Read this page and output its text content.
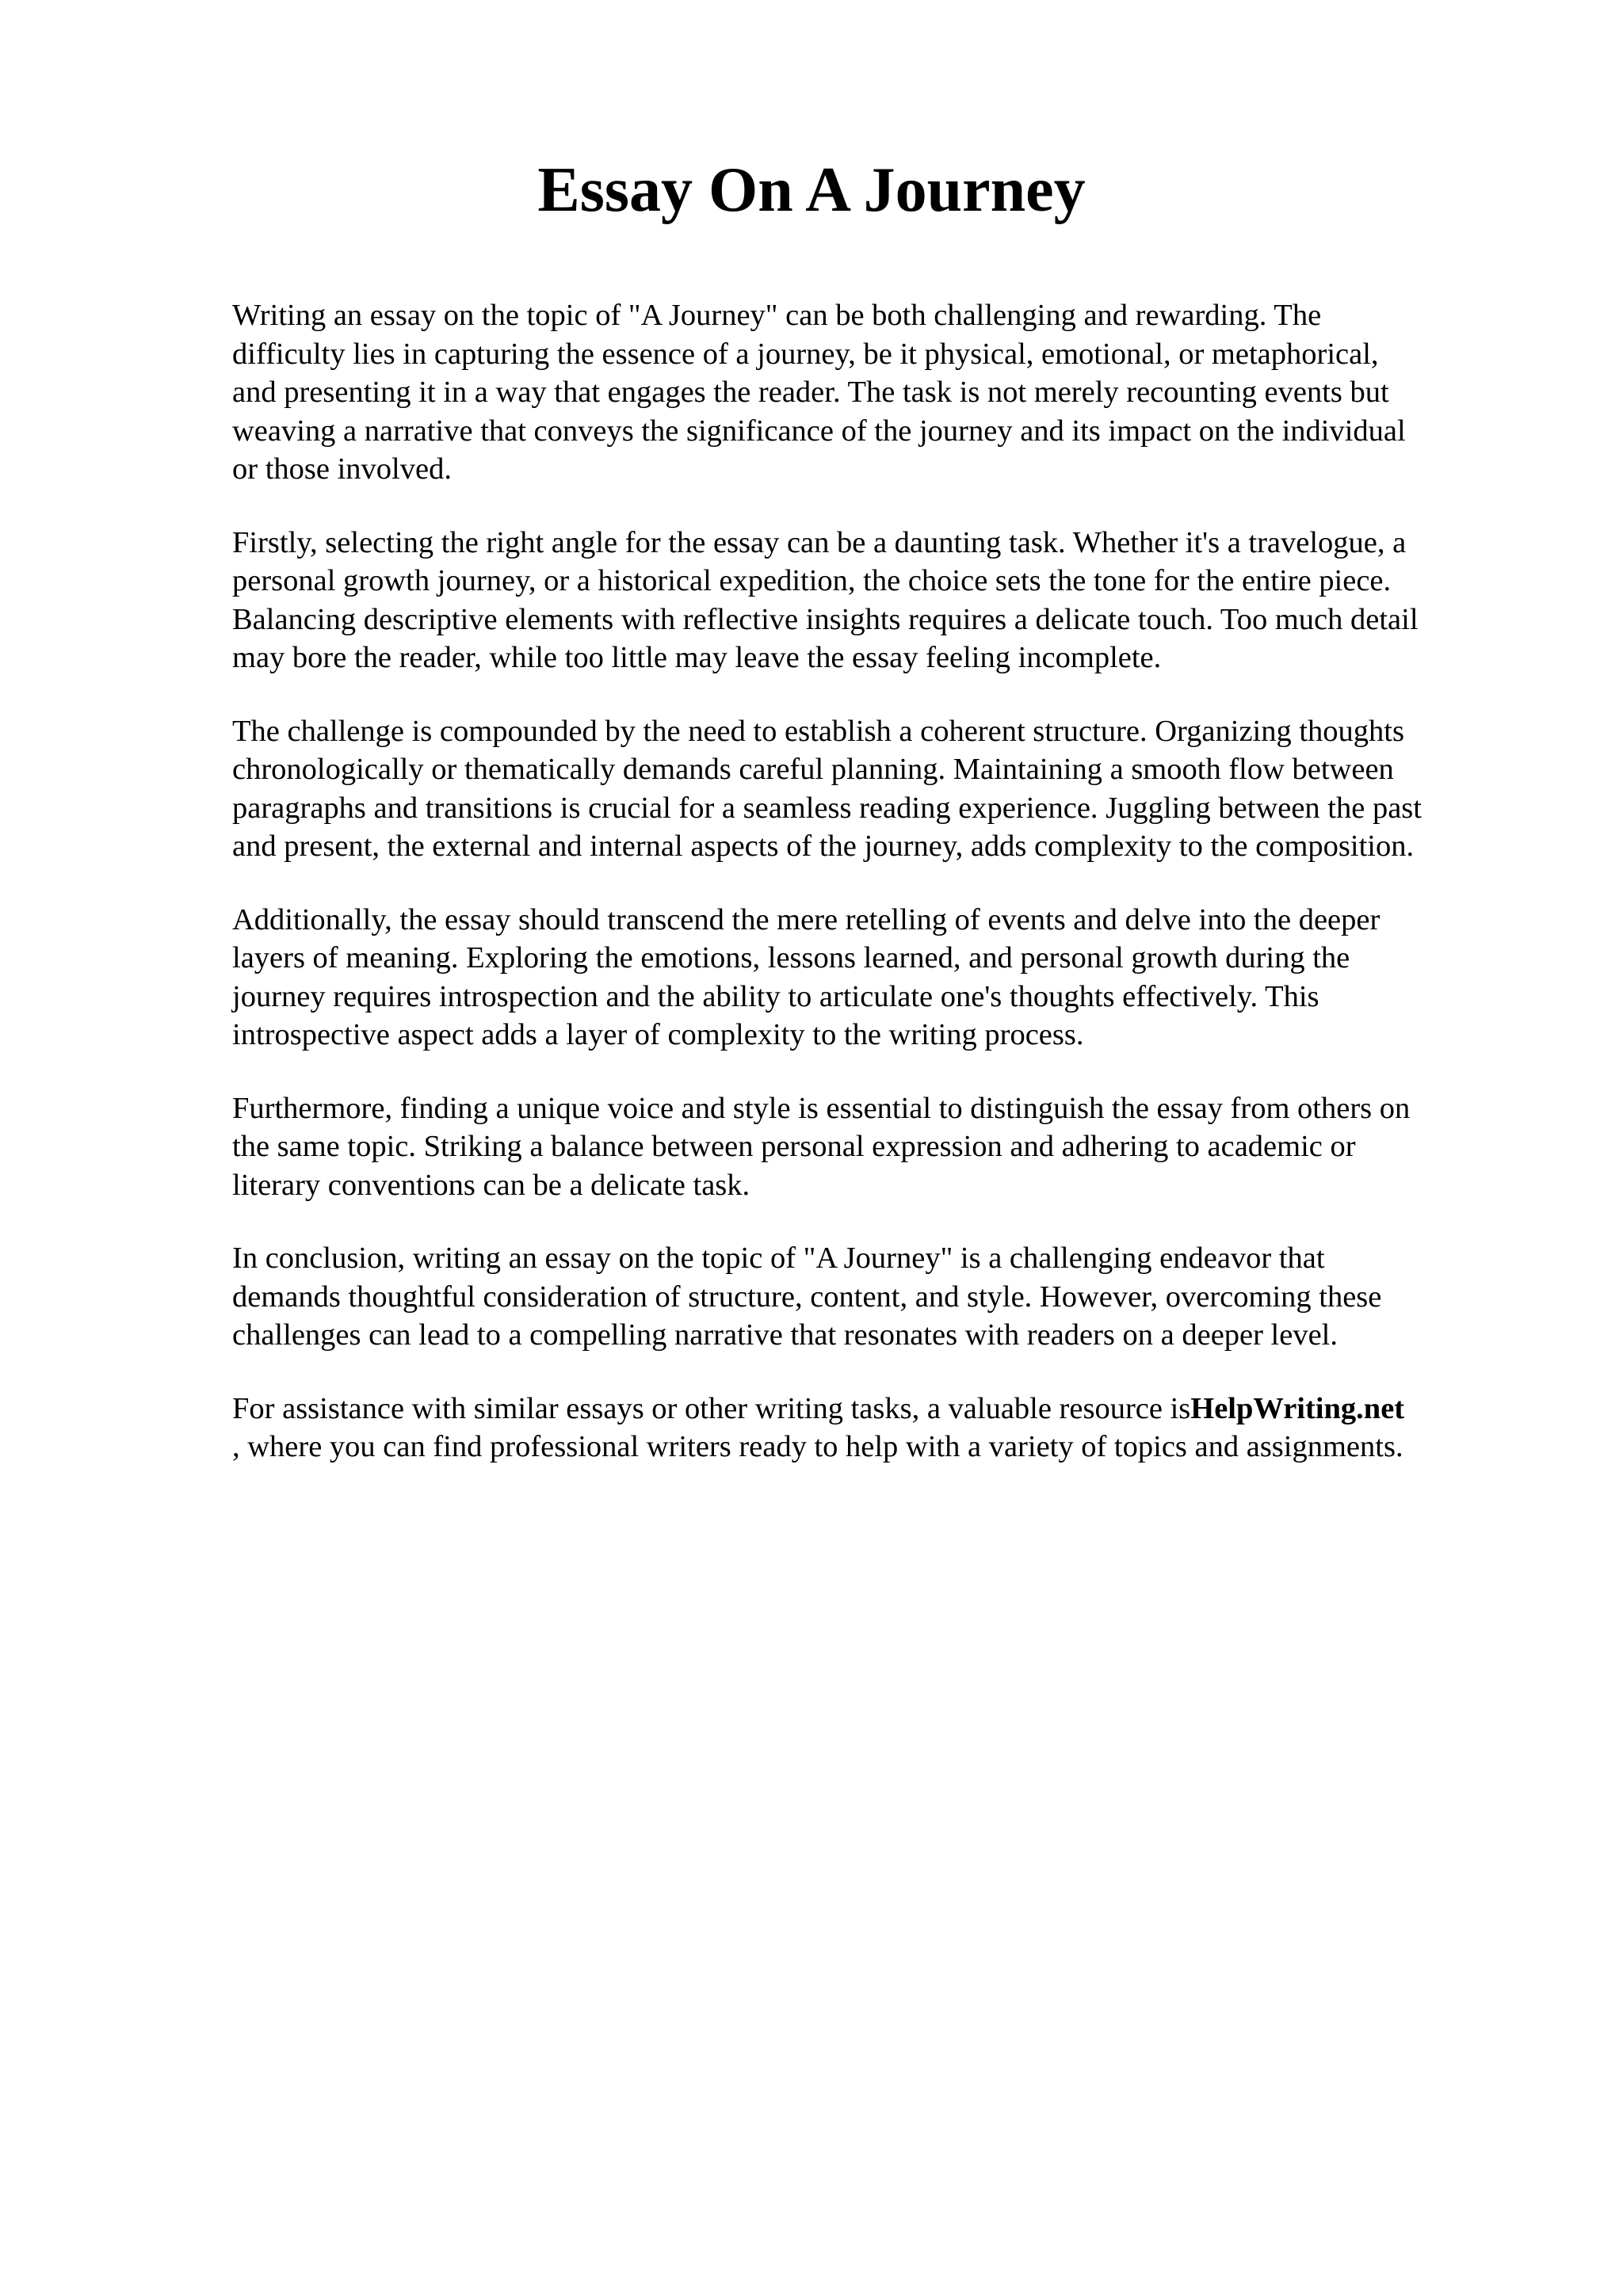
Essay On A Journey

Writing an essay on the topic of "A Journey" can be both challenging and rewarding. The
difficulty lies in capturing the essence of a journey, be it physical, emotional, or metaphorical,
and presenting it in a way that engages the reader. The task is not merely recounting events but
weaving a narrative that conveys the significance of the journey and its impact on the individual
or those involved.

Firstly, selecting the right angle for the essay can be a daunting task. Whether it's a travelogue, a
personal growth journey, or a historical expedition, the choice sets the tone for the entire piece.
Balancing descriptive elements with reflective insights requires a delicate touch. Too much detail
may bore the reader, while too little may leave the essay feeling incomplete.

The challenge is compounded by the need to establish a coherent structure. Organizing thoughts
chronologically or thematically demands careful planning. Maintaining a smooth flow between
paragraphs and transitions is crucial for a seamless reading experience. Juggling between the past
and present, the external and internal aspects of the journey, adds complexity to the composition.

Additionally, the essay should transcend the mere retelling of events and delve into the deeper
layers of meaning. Exploring the emotions, lessons learned, and personal growth during the
journey requires introspection and the ability to articulate one's thoughts effectively. This
introspective aspect adds a layer of complexity to the writing process.

Furthermore, finding a unique voice and style is essential to distinguish the essay from others on
the same topic. Striking a balance between personal expression and adhering to academic or
literary conventions can be a delicate task.

In conclusion, writing an essay on the topic of "A Journey" is a challenging endeavor that
demands thoughtful consideration of structure, content, and style. However, overcoming these
challenges can lead to a compelling narrative that resonates with readers on a deeper level.

For assistance with similar essays or other writing tasks, a valuable resource isHelpWriting.net
, where you can find professional writers ready to help with a variety of topics and assignments.
